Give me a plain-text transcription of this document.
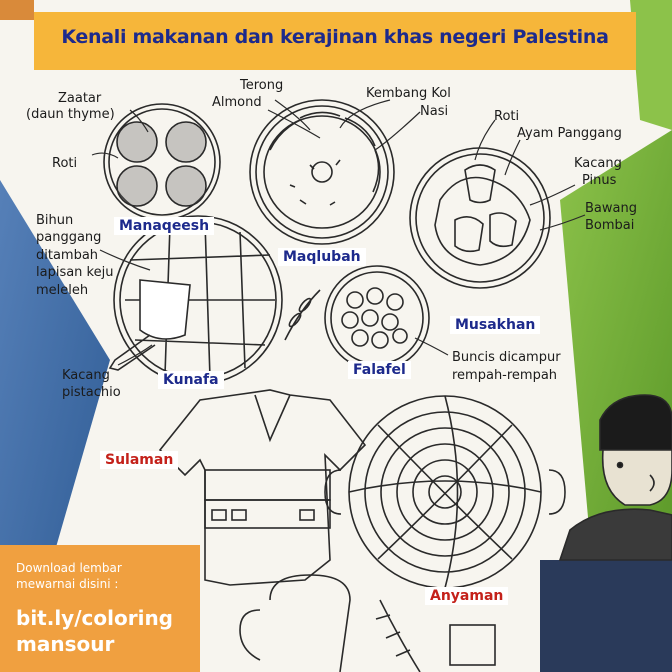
Kenali makanan dan kerajinan khas negeri Palestina
Zaatar
(daun thyme)
Roti
Terong
Almond
Kembang Kol
Nasi	Roti
Ayam Panggang
Kacang
Pinus
Bawang
Bombai
Bihun
panggang
ditambah
lapisan keju
meleleh
Kacang
pistachio
Buncis dicampur
rempah-rempah
Manaqeesh
Maqlubah
Musakhan
Kunafa
Falafel
Sulaman
Anyaman
Download lembar
mewarnai disini :
bit.ly/coloring
mansour
